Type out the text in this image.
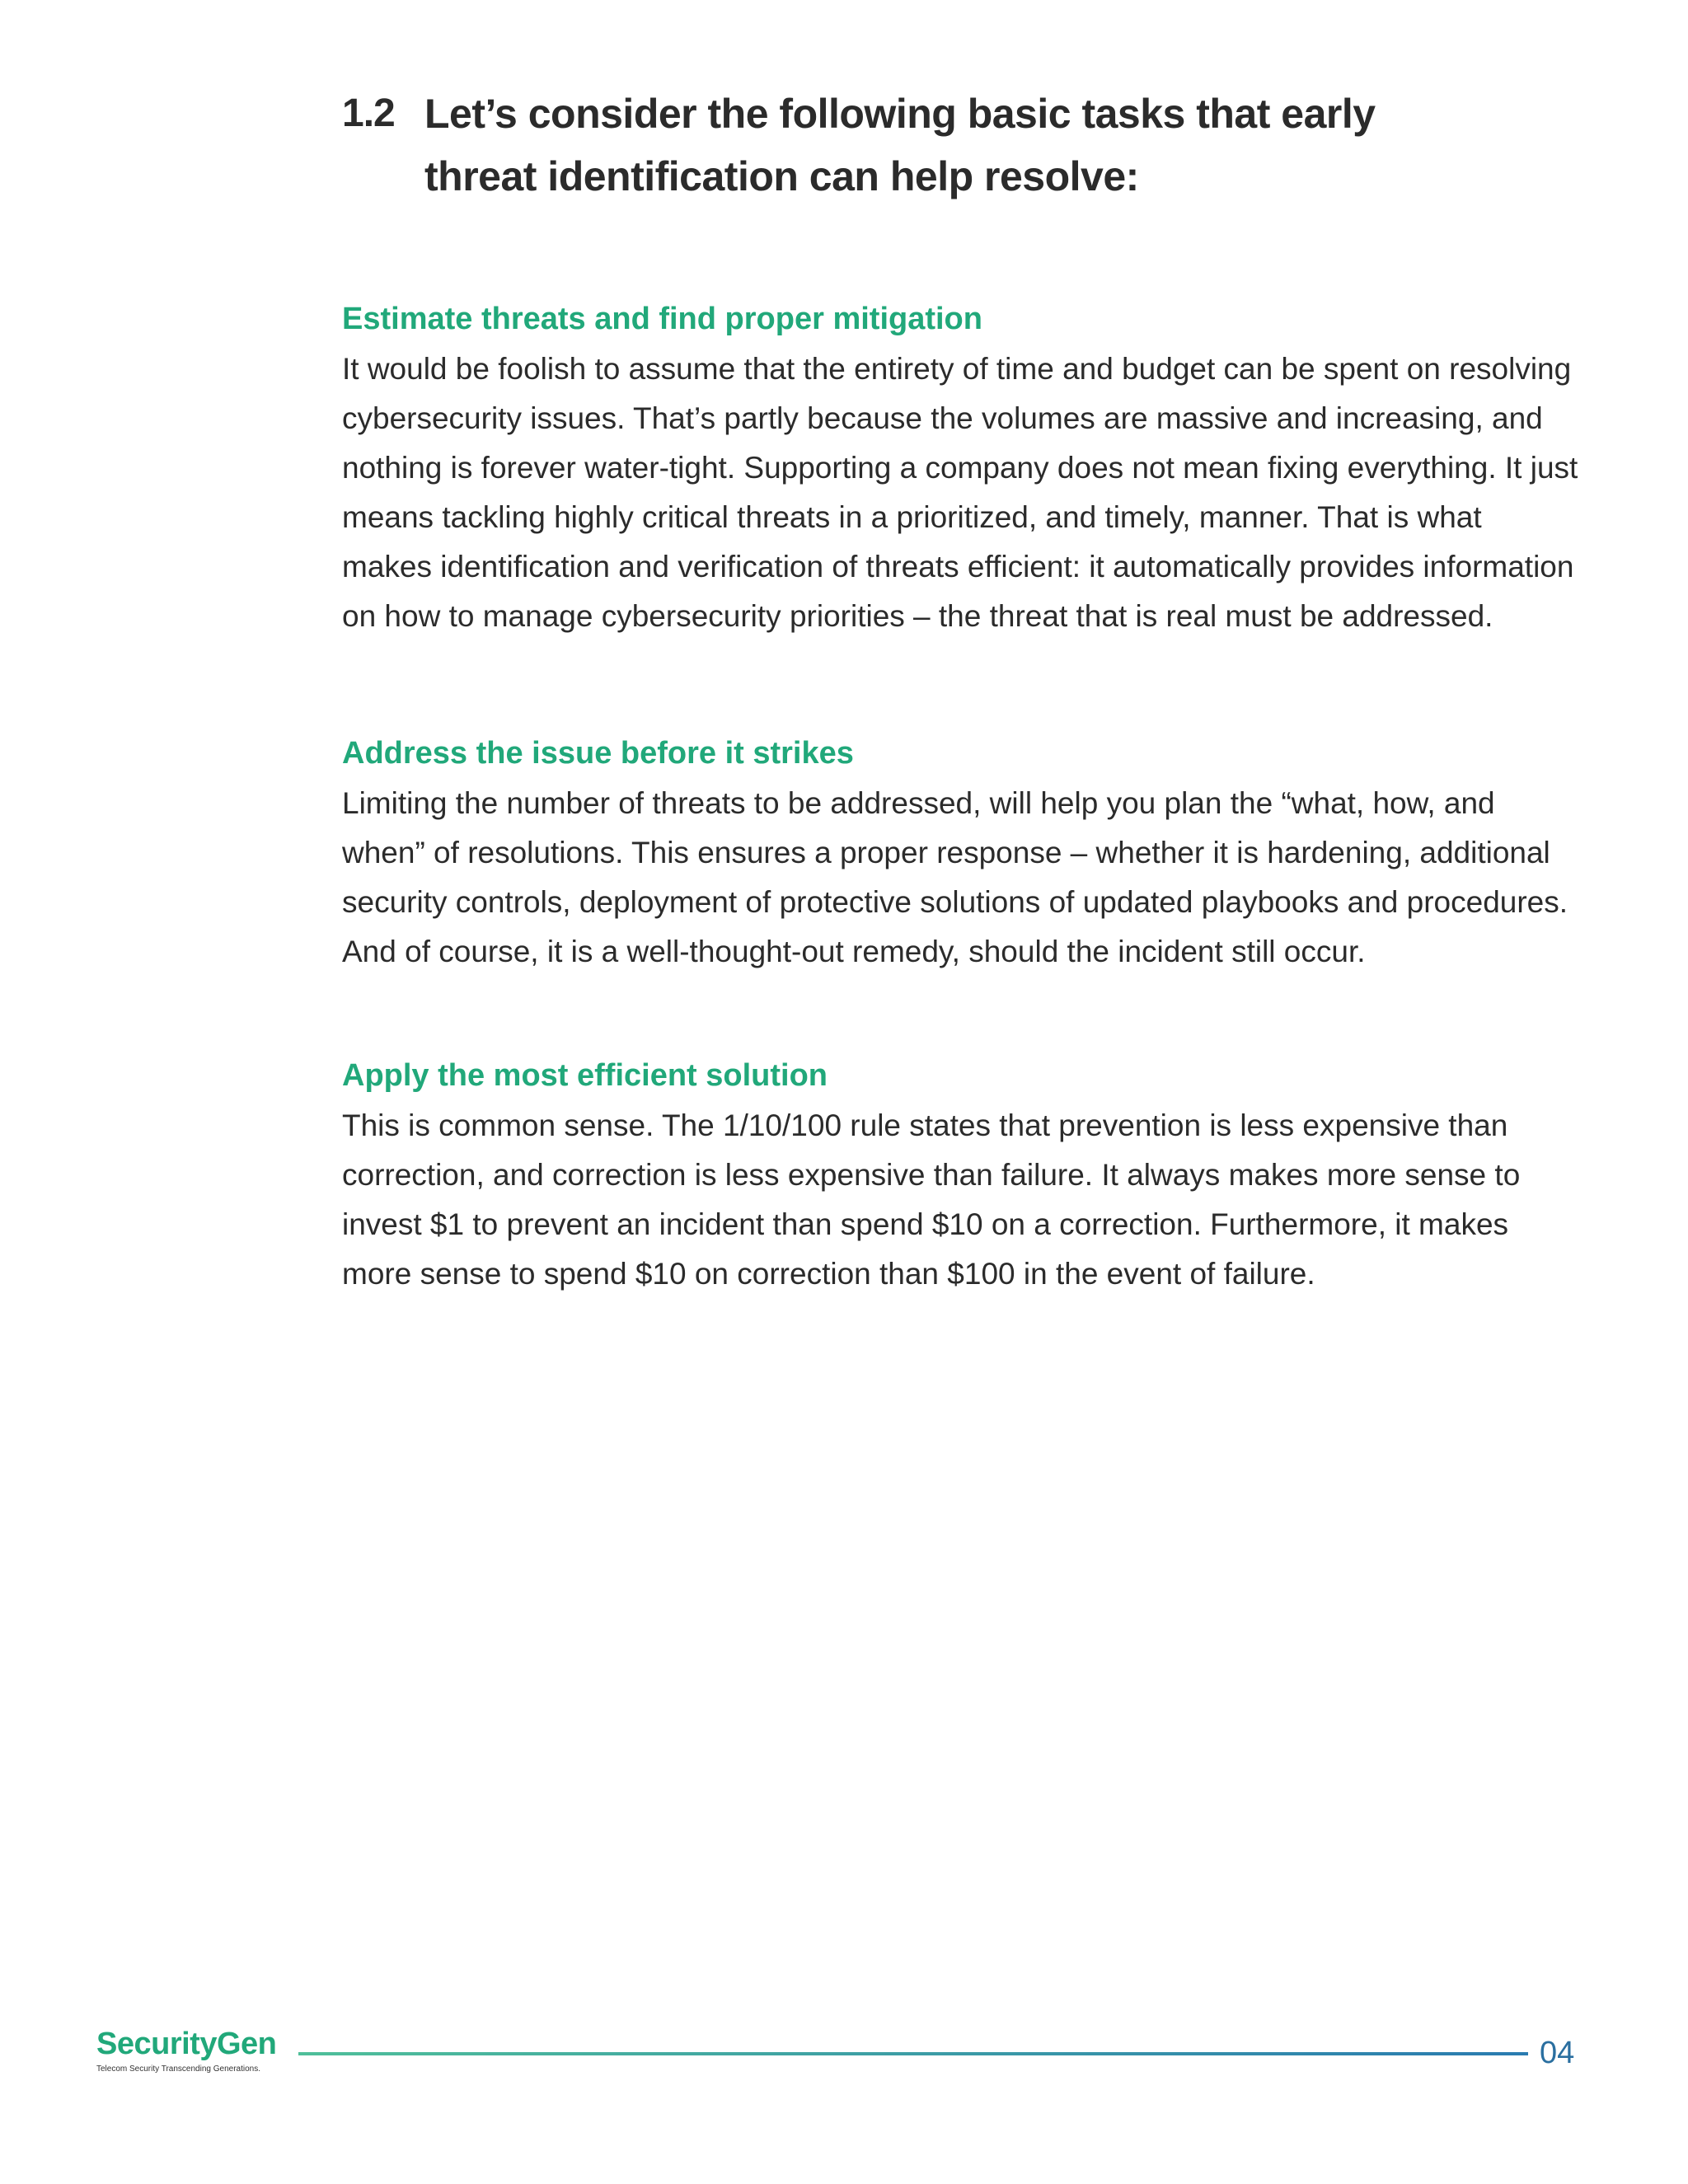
1.2 Let’s consider the following basic tasks that early threat identification can help resolve:

Estimate threats and find proper mitigation

It would be foolish to assume that the entirety of time and budget can be spent on resolving cybersecurity issues. That’s partly because the volumes are massive and increasing, and nothing is forever water-tight. Supporting a company does not mean fixing everything. It just means tackling highly critical threats in a prioritized, and timely, manner. That is what makes identification and verification of threats efficient: it automatically provides information on how to manage cybersecurity priorities – the threat that is real must be addressed.

Address the issue before it strikes

Limiting the number of threats to be addressed, will help you plan the “what, how, and when” of resolutions. This ensures a proper response – whether it is hardening, additional security controls, deployment of protective solutions of updated playbooks and procedures. And of course, it is a well-thought-out remedy, should the incident still occur.

Apply the most efficient solution

This is common sense. The 1/10/100 rule states that prevention is less expensive than correction, and correction is less expensive than failure. It always makes more sense to invest $1 to prevent an incident than spend $10 on a correction. Furthermore, it makes more sense to spend $10 on correction than $100 in the event of failure.

SecurityGen
Telecom Security Transcending Generations.	04
